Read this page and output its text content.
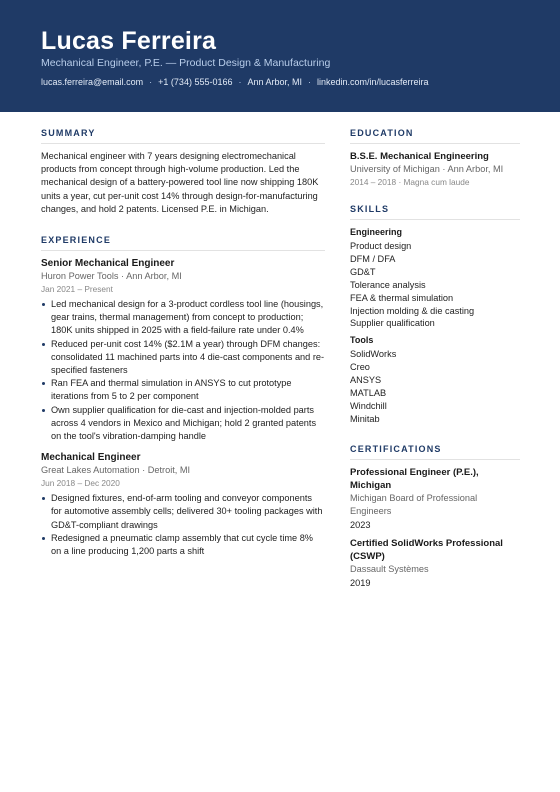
Lucas Ferreira
Mechanical Engineer, P.E. — Product Design & Manufacturing
lucas.ferreira@email.com · +1 (734) 555-0166 · Ann Arbor, MI · linkedin.com/in/lucasferreira
SUMMARY
Mechanical engineer with 7 years designing electromechanical products from concept through high-volume production. Led the mechanical design of a battery-powered tool line now shipping 180K units a year, cut per-unit cost 14% through design-for-manufacturing changes, and hold 2 patents. Licensed P.E. in Michigan.
EXPERIENCE
Senior Mechanical Engineer
Huron Power Tools · Ann Arbor, MI
Jan 2021 – Present
Led mechanical design for a 3-product cordless tool line (housings, gear trains, thermal management) from concept to production; 180K units shipped in 2025 with a field-failure rate under 0.4%
Reduced per-unit cost 14% ($2.1M a year) through DFM changes: consolidated 11 machined parts into 4 die-cast components and re-specified fasteners
Ran FEA and thermal simulation in ANSYS to cut prototype iterations from 5 to 2 per component
Own supplier qualification for die-cast and injection-molded parts across 4 vendors in Mexico and Michigan; hold 2 granted patents on the tool's vibration-damping handle
Mechanical Engineer
Great Lakes Automation · Detroit, MI
Jun 2018 – Dec 2020
Designed fixtures, end-of-arm tooling and conveyor components for automotive assembly cells; delivered 30+ tooling packages with GD&T-compliant drawings
Redesigned a pneumatic clamp assembly that cut cycle time 8% on a line producing 1,200 parts a shift
EDUCATION
B.S.E. Mechanical Engineering
University of Michigan · Ann Arbor, MI
2014 – 2018 · Magna cum laude
SKILLS
Engineering
Product design
DFM / DFA
GD&T
Tolerance analysis
FEA & thermal simulation
Injection molding & die casting
Supplier qualification
Tools
SolidWorks
Creo
ANSYS
MATLAB
Windchill
Minitab
CERTIFICATIONS
Professional Engineer (P.E.), Michigan
Michigan Board of Professional Engineers
2023
Certified SolidWorks Professional (CSWP)
Dassault Systèmes
2019
